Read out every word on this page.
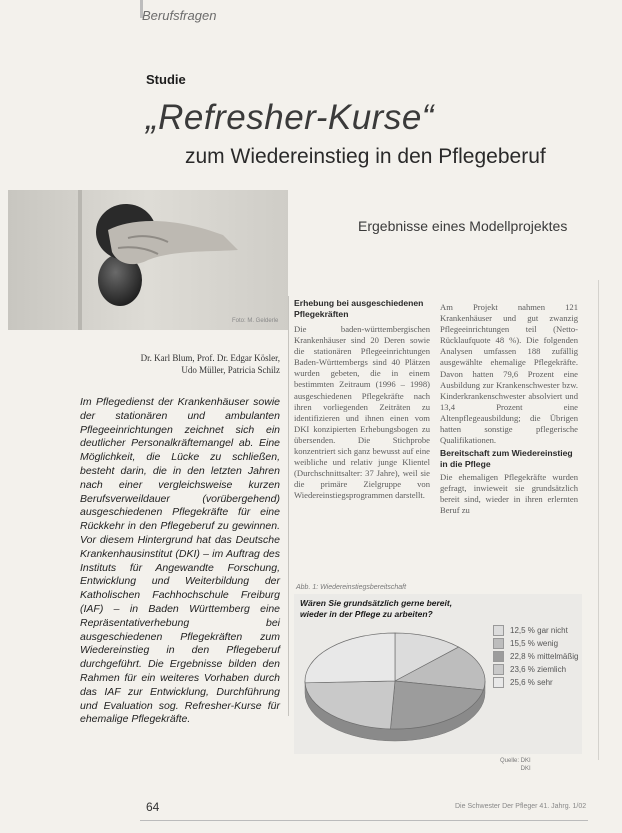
Berufsfragen
Studie
„Refresher-Kurse“
zum Wiedereinstieg in den Pflegeberuf
Ergebnisse eines Modellprojektes
Foto: M. Gelderle
Dr. Karl Blum, Prof. Dr. Edgar Kösler,
Udo Müller, Patricia Schilz
Im Pflegedienst der Krankenhäuser sowie der stationären und ambulanten Pflegeeinrichtungen zeichnet sich ein deutlicher Personalkräftemangel ab. Eine Möglichkeit, die Lücke zu schließen, besteht darin, die in den letzten Jahren nach einer vergleichsweise kurzen Berufsverweildauer (vorübergehend) ausgeschiedenen Pflegekräfte für eine Rückkehr in den Pflegeberuf zu gewinnen. Vor diesem Hintergrund hat das Deutsche Krankenhausinstitut (DKI) – im Auftrag des Instituts für Angewandte Forschung, Entwicklung und Weiterbildung der Katholischen Fachhochschule Freiburg (IAF) – in Baden Württemberg eine Repräsentativerhebung bei ausgeschiedenen Pflegekräften zum Wiedereinstieg in den Pflegeberuf durchgeführt. Die Ergebnisse bilden den Rahmen für ein weiteres Vorhaben durch das IAF zur Entwicklung, Durchführung und Evaluation sog. Refresher-Kurse für ehemalige Pflegekräfte.
Erhebung bei ausgeschiedenen Pflegekräften
Die baden-württembergischen Krankenhäuser sind 20 Deren sowie die stationären Pflegeeinrichtungen Baden-Württembergs sind 40 Plätzen wurden gebeten, die in einem bestimmten Zeitraum (1996 – 1998) ausgeschiedenen Pflegekräfte nach ihren vorliegenden Zeiträten zu identifizieren und ihnen einen vom DKI konzipierten Erhebungsbogen zu übersenden. Die Stichprobe konzentriert sich ganz bewusst auf eine weibliche und relativ junge Klientel (Durchschnittsalter: 37 Jahre), weil sie die primäre Zielgruppe von Wiedereinstiegsprogrammen darstellt.
Am Projekt nahmen 121 Krankenhäuser und gut zwanzig Pflegeeinrichtungen teil (Netto-Rücklaufquote 48 %). Die folgenden Analysen umfassen 188 zufällig ausgewählte ehemalige Pflegekräfte. Davon hatten 79,6 Prozent eine Ausbildung zur Krankenschwester bzw. Kinderkrankenschwester absolviert und 13,4 Prozent eine Altenpflegeausbildung; die Übrigen hatten sonstige pflegerische Qualifikationen.
Bereitschaft zum Wiedereinstieg in die Pflege
Die ehemaligen Pflegekräfte wurden gefragt, inwieweit sie grundsätzlich bereit sind, wieder in ihren erlernten Beruf zu
Abb. 1: Wiedereinstiegsbereitschaft
Wären Sie grundsätzlich gerne bereit, wieder in der Pflege zu arbeiten?
12,5 % gar nicht
15,5 % wenig
22,8 % mittelmäßig
23,6 % ziemlich
25,6 % sehr
Quelle: DKI
DKI
64	Die Schwester Der Pfleger 41. Jahrg. 1/02
